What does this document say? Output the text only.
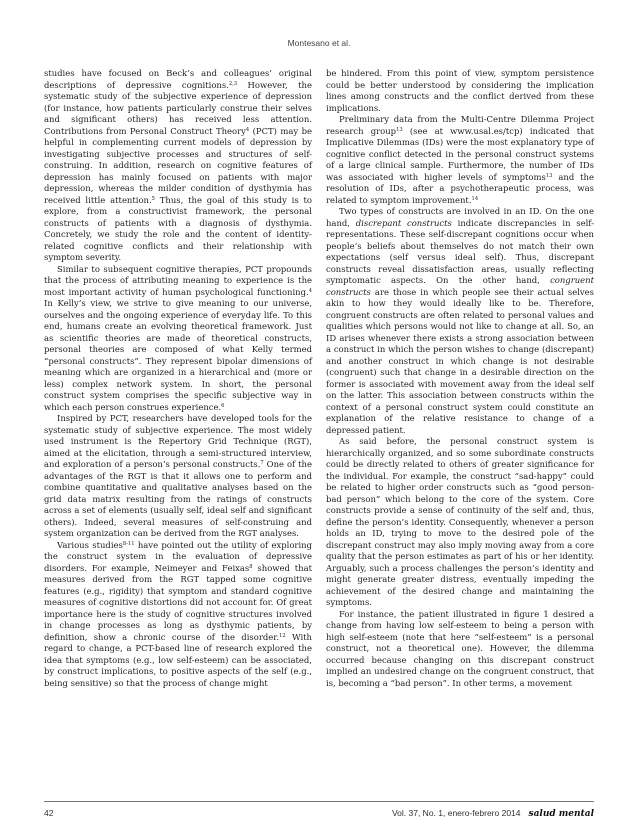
Montesano et al.

studies have focused on Beck’s and colleagues’ original descriptions of depressive cognitions.$^{2,3}$ However, the systematic study of the subjective experience of depression (for instance, how patients particularly construe their selves and significant others) has received less attention. Contributions from Personal Construct Theory$^4$ (PCT) may be helpful in complementing current models of depression by investigating subjective processes and structures of self-construing. In addition, research on cognitive features of depression has mainly focused on patients with major depression, whereas the milder condition of dysthymia has received little attention.$^5$ Thus, the goal of this study is to explore, from a constructivist framework, the personal constructs of patients with a diagnosis of dysthymia. Concretely, we study the role and the content of identity-related cognitive conflicts and their relationship with symptom severity.

Similar to subsequent cognitive therapies, PCT propounds that the process of attributing meaning to experience is the most important activity of human psychological functioning.$^4$ In Kelly’s view, we strive to give meaning to our universe, ourselves and the ongoing experience of everyday life. To this end, humans create an evolving theoretical framework. Just as scientific theories are made of theoretical constructs, personal theories are composed of what Kelly termed “personal constructs”. They represent bipolar dimensions of meaning which are organized in a hierarchical and (more or less) complex network system. In short, the personal construct system comprises the specific subjective way in which each person construes experience.$^6$

Inspired by PCT, researchers have developed tools for the systematic study of subjective experience. The most widely used instrument is the Repertory Grid Technique (RGT), aimed at the elicitation, through a semi-structured interview, and exploration of a person’s personal constructs.$^7$ One of the advantages of the RGT is that it allows one to perform and combine quantitative and qualitative analyses based on the grid data matrix resulting from the ratings of constructs across a set of elements (usually self, ideal self and significant others). Indeed, several measures of self-construing and system organization can be derived from the RGT analyses.

Various studies$^{8-11}$ have pointed out the utility of exploring the construct system in the evaluation of depressive disorders. For example, Neimeyer and Feixas$^8$ showed that measures derived from the RGT tapped some cognitive features (e.g., rigidity) that symptom and standard cognitive measures of cognitive distortions did not account for. Of great importance here is the study of cognitive structures involved in change processes as long as dysthymic patients, by definition, show a chronic course of the disorder.$^{12}$ With regard to change, a PCT-based line of research explored the idea that symptoms (e.g., low self-esteem) can be associated, by construct implications, to positive aspects of the self (e.g., being sensitive) so that the process of change might

be hindered. From this point of view, symptom persistence could be better understood by considering the implication lines among constructs and the conflict derived from these implications.

Preliminary data from the Multi-Centre Dilemma Project research group$^{13}$ (see at www.usal.es/tcp) indicated that Implicative Dilemmas (IDs) were the most explanatory type of cognitive conflict detected in the personal construct systems of a large clinical sample. Furthermore, the number of IDs was associated with higher levels of symptoms$^{13}$ and the resolution of IDs, after a psychotherapeutic process, was related to symptom improvement.$^{14}$

Two types of constructs are involved in an ID. On the one hand, discrepant constructs indicate discrepancies in self-representations. These self-discrepant cognitions occur when people’s beliefs about themselves do not match their own expectations (self versus ideal self). Thus, discrepant constructs reveal dissatisfaction areas, usually reflecting symptomatic aspects. On the other hand, congruent constructs are those in which people see their actual selves akin to how they would ideally like to be. Therefore, congruent constructs are often related to personal values and qualities which persons would not like to change at all. So, an ID arises whenever there exists a strong association between a construct in which the person wishes to change (discrepant) and another construct in which change is not desirable (congruent) such that change in a desirable direction on the former is associated with movement away from the ideal self on the latter. This association between constructs within the context of a personal construct system could constitute an explanation of the relative resistance to change of a depressed patient.

As said before, the personal construct system is hierarchically organized, and so some subordinate constructs could be directly related to others of greater significance for the individual. For example, the construct “sad-happy” could be related to higher order constructs such as “good person-bad person” which belong to the core of the system. Core constructs provide a sense of continuity of the self and, thus, define the person’s identity. Consequently, whenever a person holds an ID, trying to move to the desired pole of the discrepant construct may also imply moving away from a core quality that the person estimates as part of his or her identity. Arguably, such a process challenges the person’s identity and might generate greater distress, eventually impeding the achievement of the desired change and maintaining the symptoms.

For instance, the patient illustrated in figure 1 desired a change from having low self-esteem to being a person with high self-esteem (note that here “self-esteem” is a personal construct, not a theoretical one). However, the dilemma occurred because changing on this discrepant construct implied an undesired change on the congruent construct, that is, becoming a “bad person”. In other terms, a movement

42	Vol. 37, No. 1, enero-febrero 2014 salud mental
